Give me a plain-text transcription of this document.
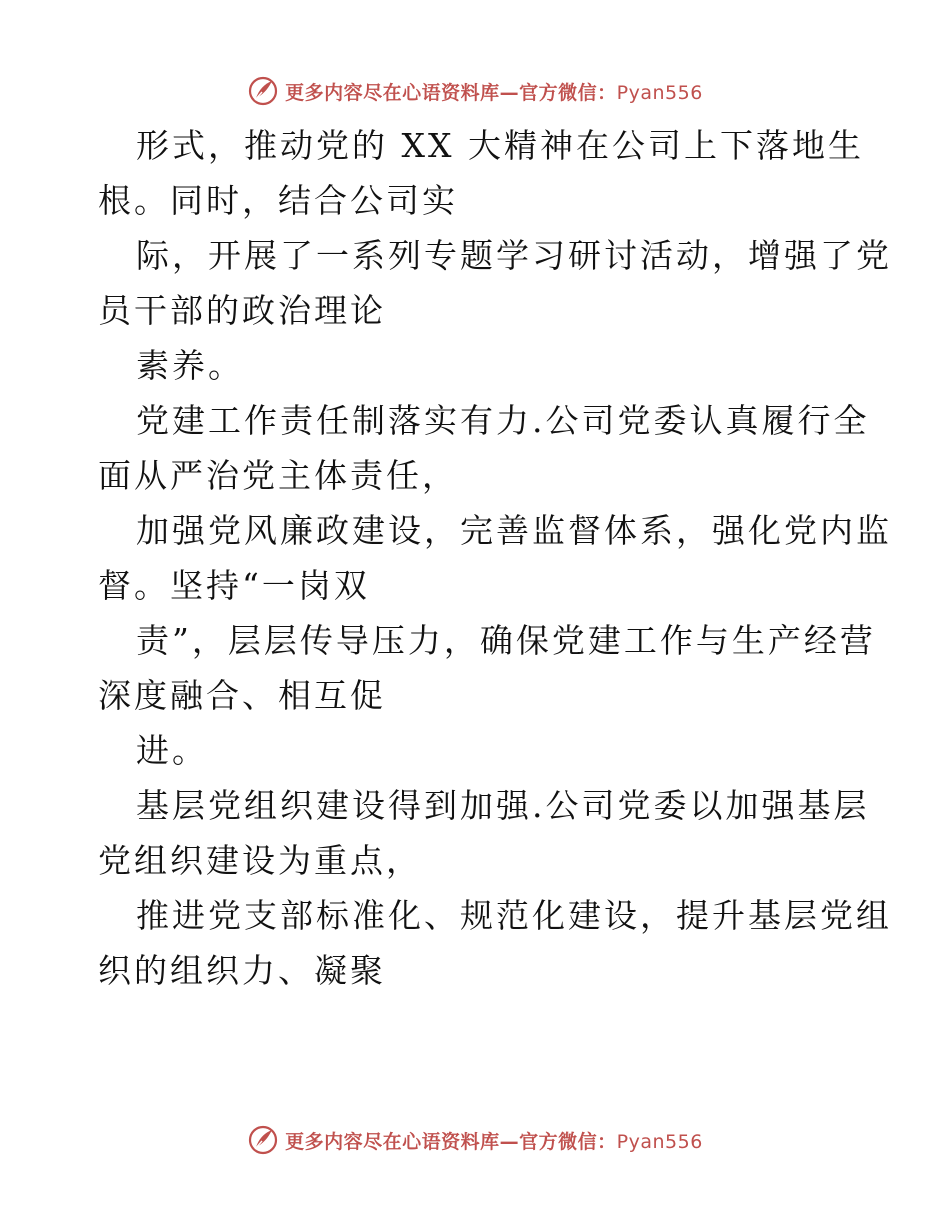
更多内容尽在心语资料库—官方微信：Pyan556
形式，推动党的 XX 大精神在公司上下落地生
根。同时，结合公司实
际，开展了一系列专题学习研讨活动，增强了党
员干部的政治理论
素养。
党建工作责任制落实有力.公司党委认真履行全
面从严治党主体责任，
加强党风廉政建设，完善监督体系，强化党内监
督。坚持“一岗双
责”，层层传导压力，确保党建工作与生产经营
深度融合、相互促
进。
基层党组织建设得到加强.公司党委以加强基层
党组织建设为重点，
推进党支部标准化、规范化建设，提升基层党组
织的组织力、凝聚
更多内容尽在心语资料库—官方微信：Pyan556
